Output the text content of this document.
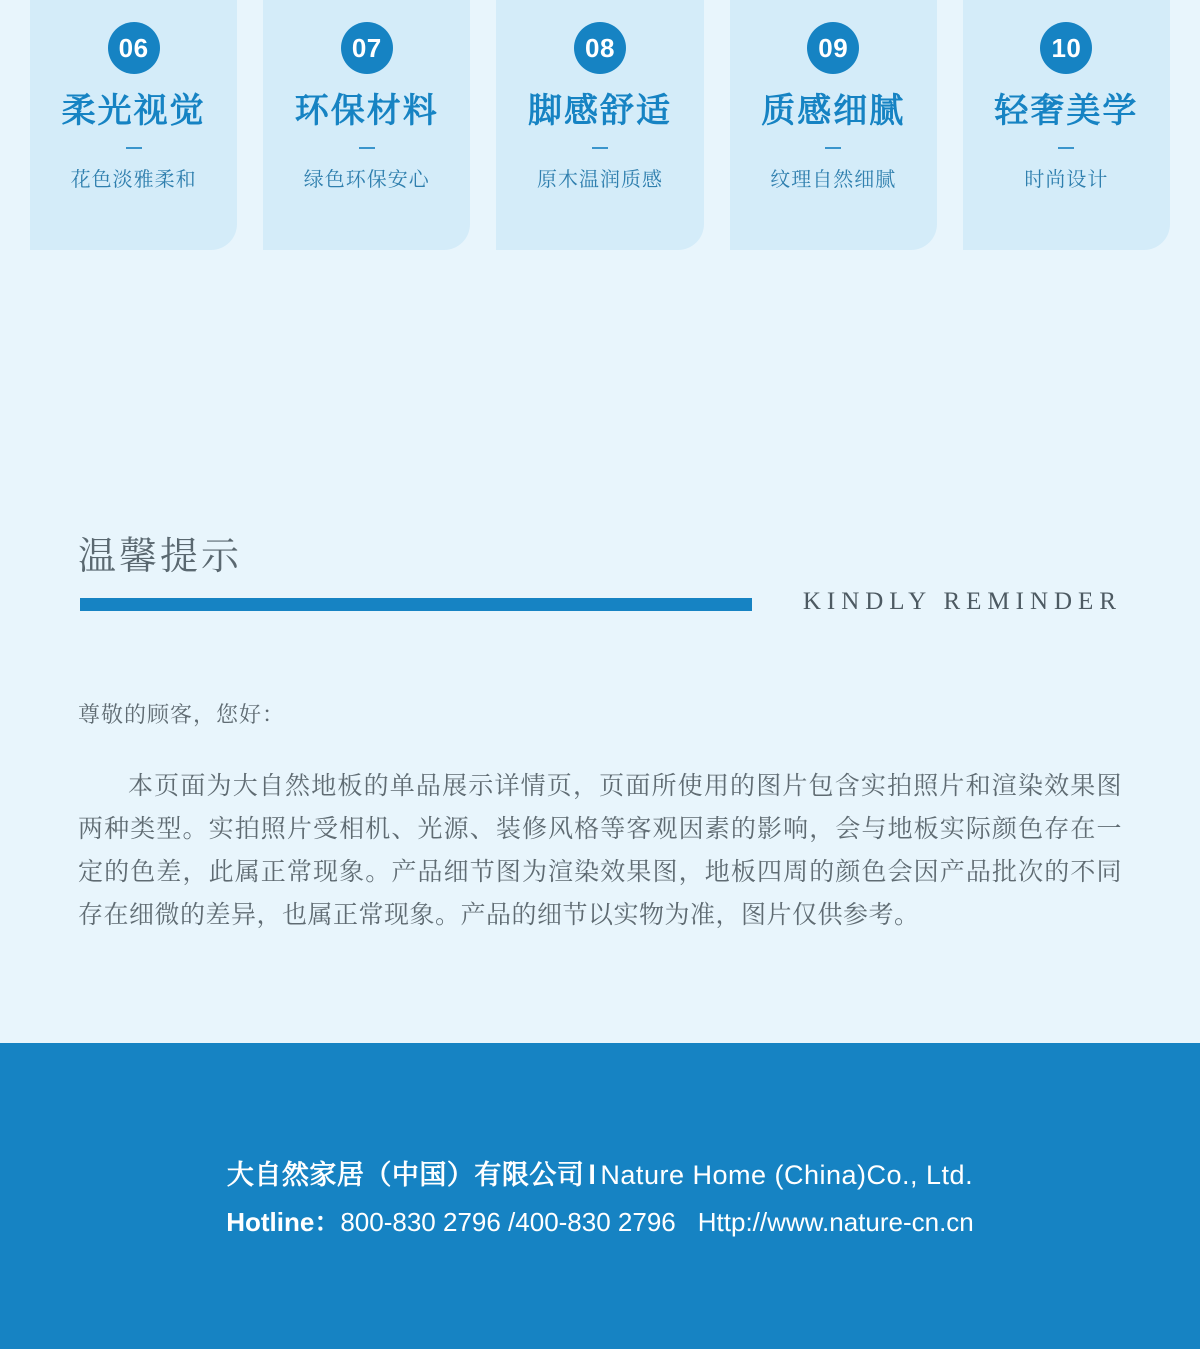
06
柔光视觉
花色淡雅柔和
07
环保材料
绿色环保安心
08
脚感舒适
原木温润质感
09
质感细腻
纹理自然细腻
10
轻奢美学
时尚设计
温馨提示
KINDLY REMINDER
尊敬的顾客，您好：

本页面为大自然地板的单品展示详情页，页面所使用的图片包含实拍照片和渲染效果图两种类型。实拍照片受相机、光源、装修风格等客观因素的影响，会与地板实际颜色存在一定的色差，此属正常现象。产品细节图为渲染效果图，地板四周的颜色会因产品批次的不同存在细微的差异，也属正常现象。产品的细节以实物为准，图片仅供参考。

大自然家居（中国）有限公司 l Nature Home (China)Co., Ltd.
Hotline：800-830 2796 /400-830 2796 Http://www.nature-cn.cn
